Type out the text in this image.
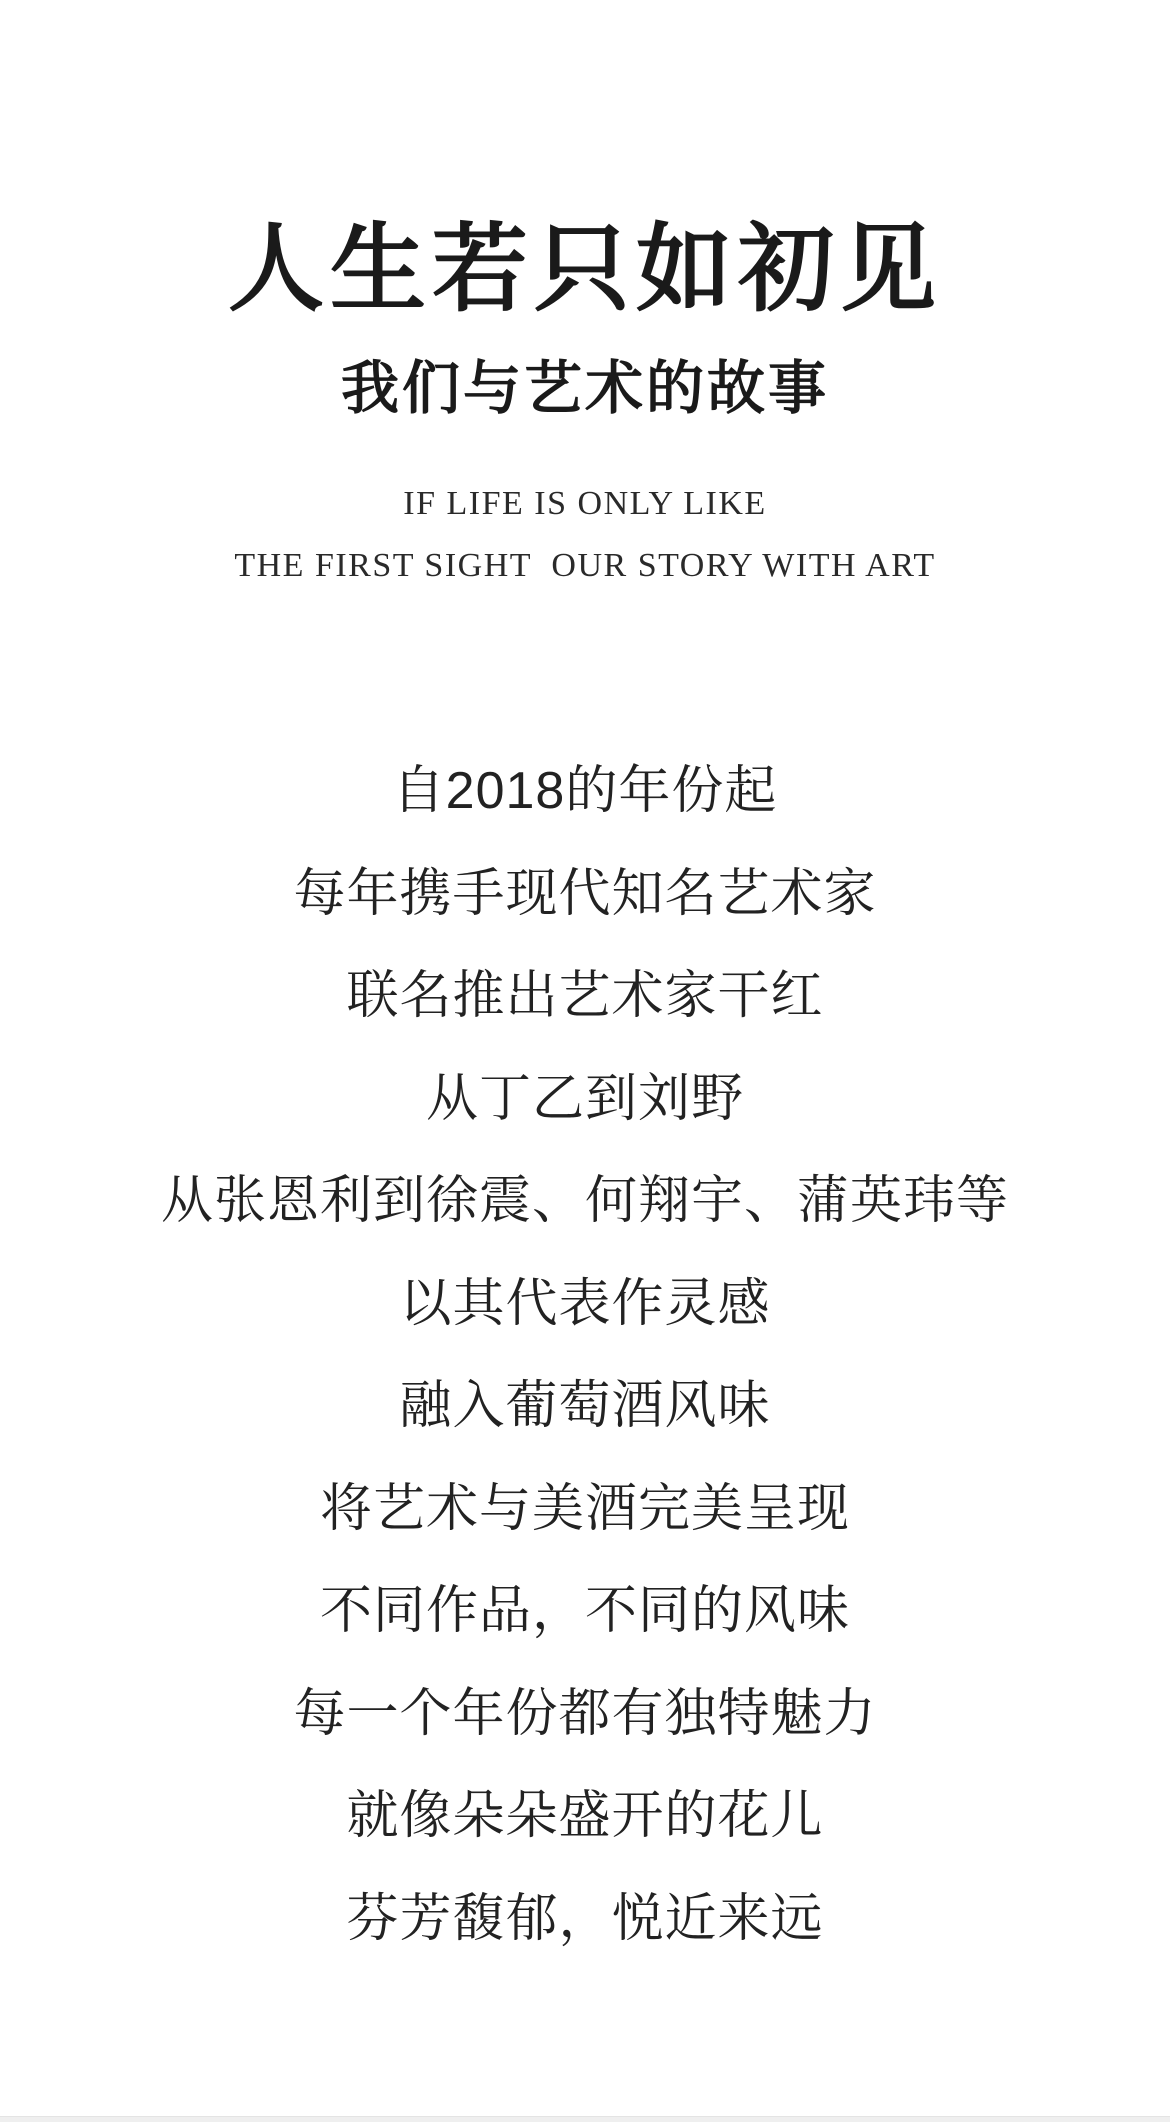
人生若只如初见
我们与艺术的故事
IF LIFE IS ONLY LIKE
THE FIRST SIGHT  OUR STORY WITH ART
自2018的年份起
每年携手现代知名艺术家
联名推出艺术家干红
从丁乙到刘野
从张恩利到徐震、何翔宇、蒲英玮等
以其代表作灵感
融入葡萄酒风味
将艺术与美酒完美呈现
不同作品，不同的风味
每一个年份都有独特魅力
就像朵朵盛开的花儿
芬芳馥郁，悦近来远
